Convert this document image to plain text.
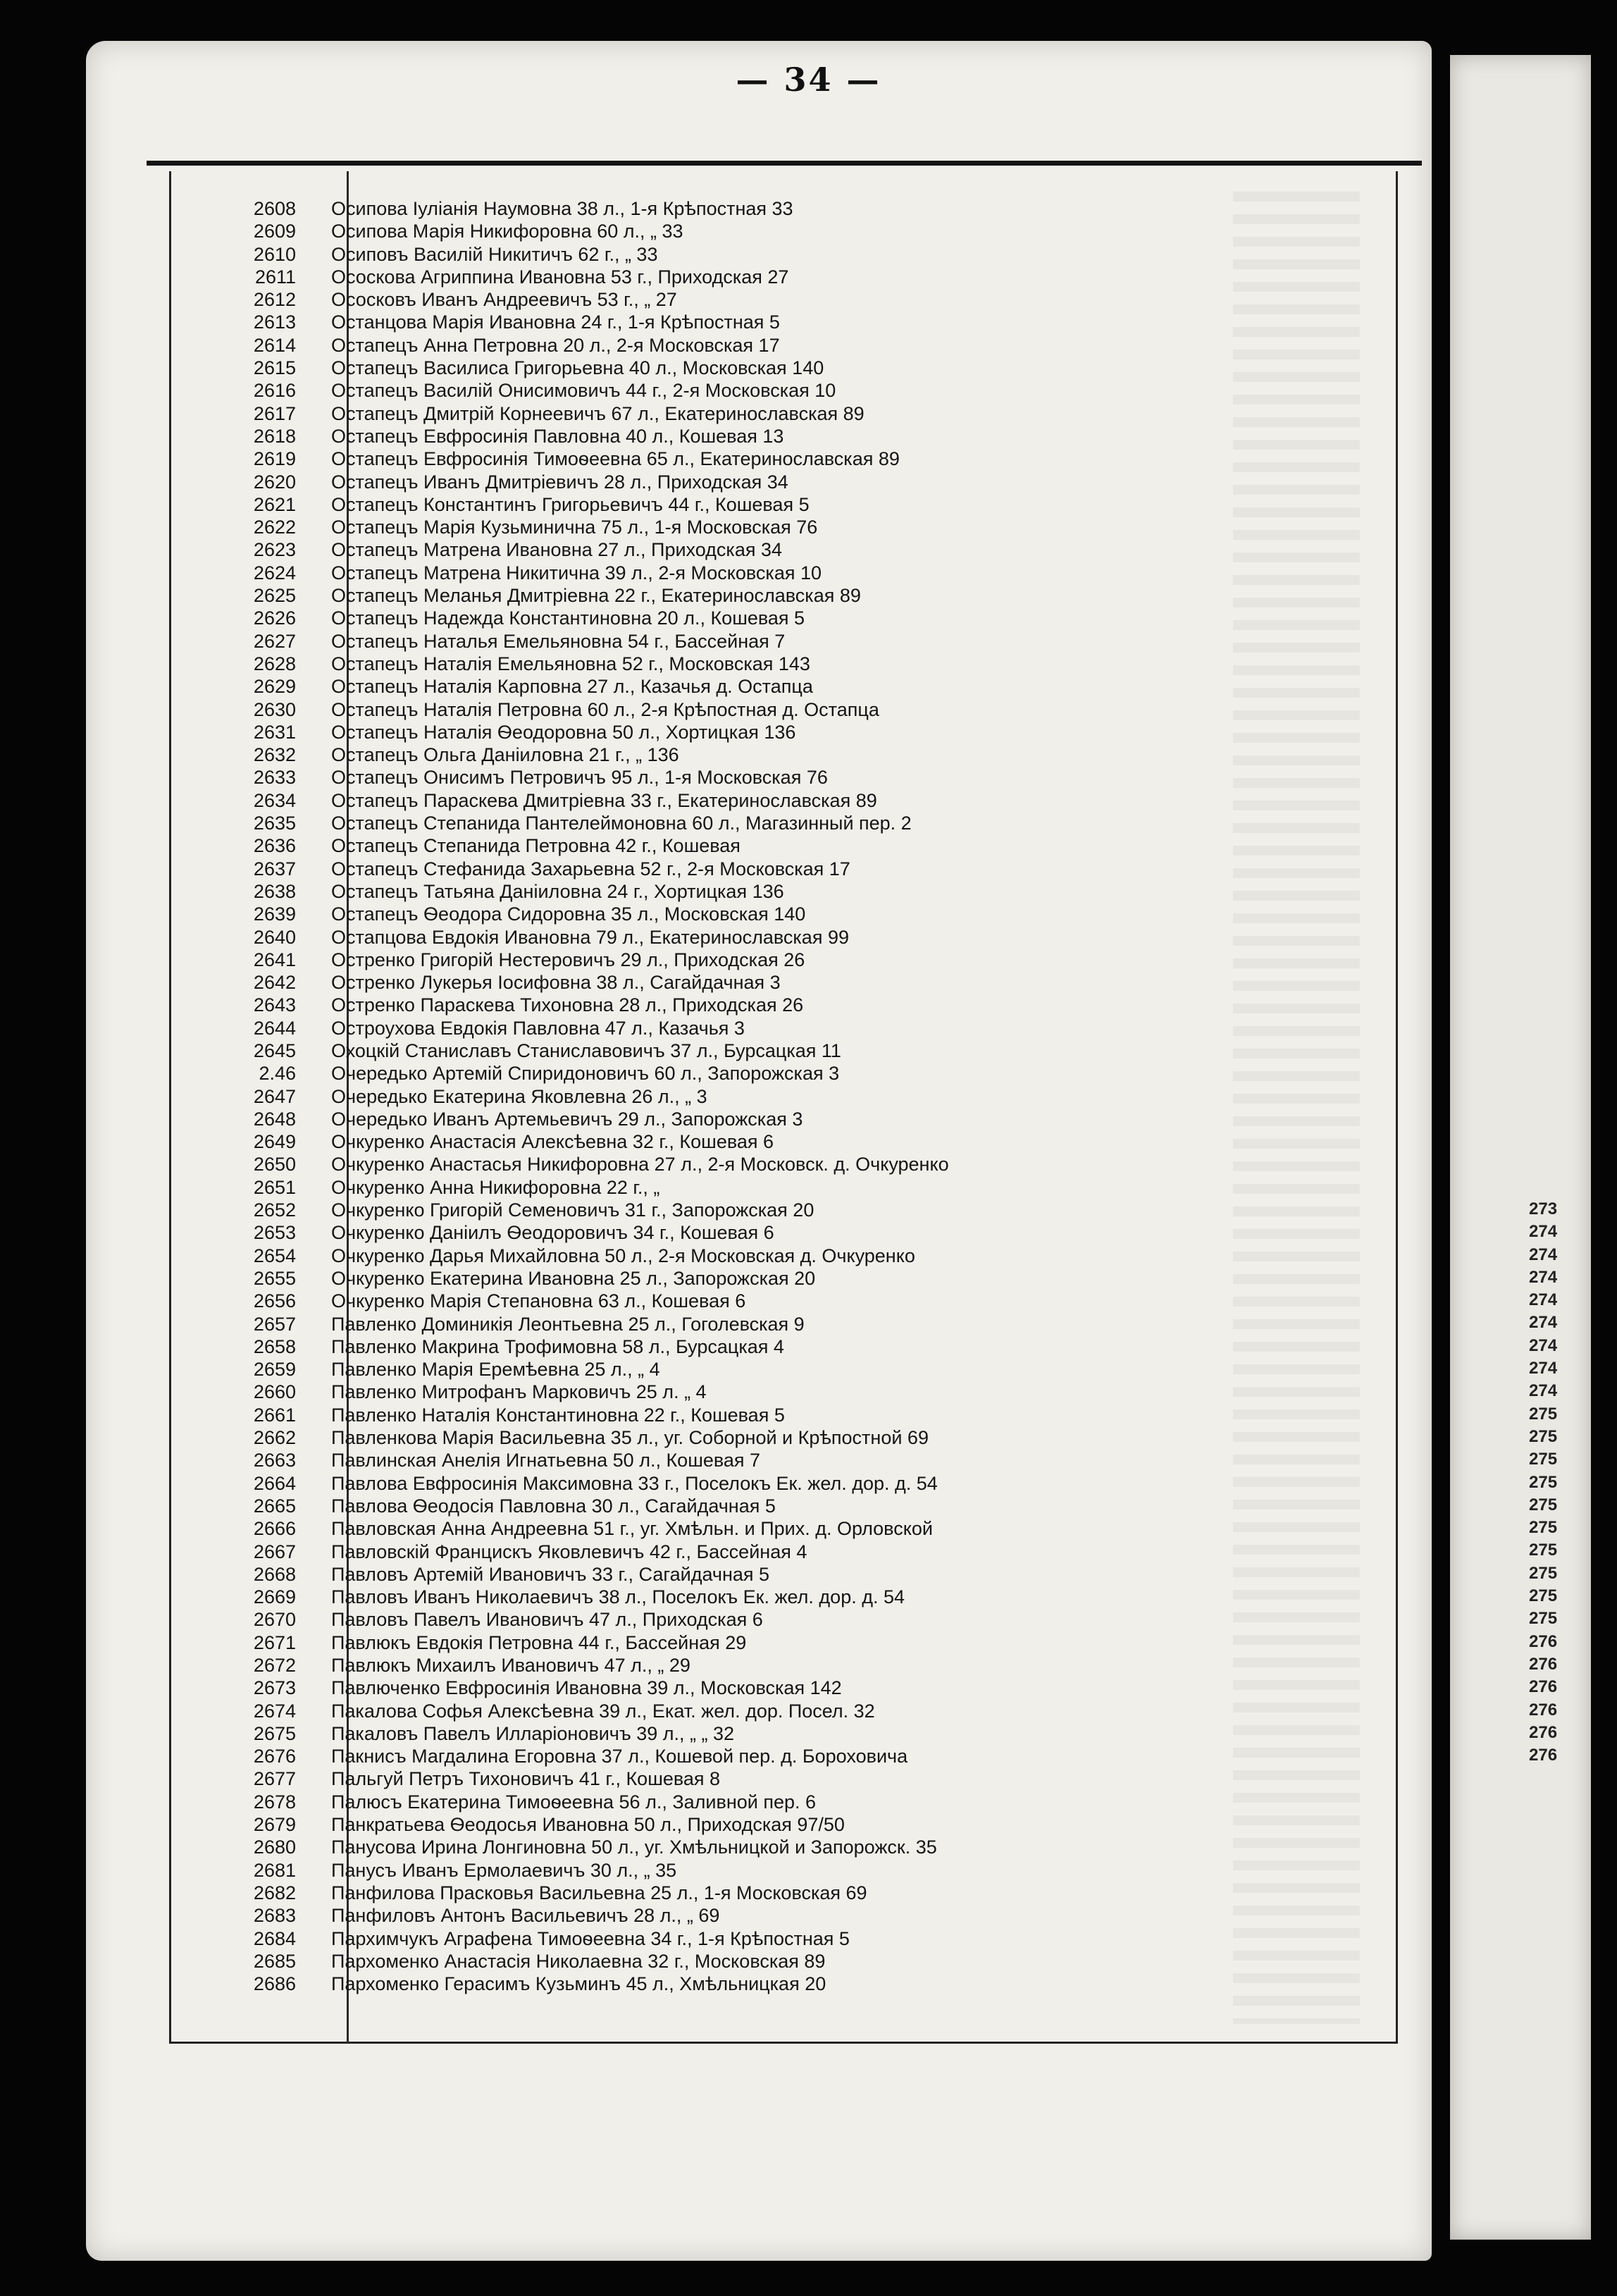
273
274
274
274
274
274
274
274
274
275
275
275
275
275
275
275
275
275
275
276
276
276
276
276
276
— 34 —
2608 Осипова Іуліанія Наумовна 38 л., 1-я Крѣпостная 33
2609 Осипова Марія Никифоровна 60 л., „ 33
2610 Осиповъ Василій Никитичъ 62 г., „ 33
2611 Ососкова Агриппина Ивановна 53 г., Приходская 27
2612 Ососковъ Иванъ Андреевичъ 53 г., „ 27
2613 Останцова Марія Ивановна 24 г., 1-я Крѣпостная 5
2614 Остапецъ Анна Петровна 20 л., 2-я Московская 17
2615 Остапецъ Василиса Григорьевна 40 л., Московская 140
2616 Остапецъ Василій Онисимовичъ 44 г., 2-я Московская 10
2617 Остапецъ Дмитрій Корнеевичъ 67 л., Екатеринославская 89
2618 Остапецъ Евфросинія Павловна 40 л., Кошевая 13
2619 Остапецъ Евфросинія Тимоѳеевна 65 л., Екатеринославская 89
2620 Остапецъ Иванъ Дмитріевичъ 28 л., Приходская 34
2621 Остапецъ Константинъ Григорьевичъ 44 г., Кошевая 5
2622 Остапецъ Марія Кузьминична 75 л., 1-я Московская 76
2623 Остапецъ Матрена Ивановна 27 л., Приходская 34
2624 Остапецъ Матрена Никитична 39 л., 2-я Московская 10
2625 Остапецъ Меланья Дмитріевна 22 г., Екатеринославская 89
2626 Остапецъ Надежда Константиновна 20 л., Кошевая 5
2627 Остапецъ Наталья Емельяновна 54 г., Бассейная 7
2628 Остапецъ Наталія Емельяновна 52 г., Московская 143
2629 Остапецъ Наталія Карповна 27 л., Казачья д. Остапца
2630 Остапецъ Наталія Петровна 60 л., 2-я Крѣпостная д. Остапца
2631 Остапецъ Наталія Ѳеодоровна 50 л., Хортицкая 136
2632 Остапецъ Ольга Даніиловна 21 г., „ 136
2633 Остапецъ Онисимъ Петровичъ 95 л., 1-я Московская 76
2634 Остапецъ Параскева Дмитріевна 33 г., Екатеринославская 89
2635 Остапецъ Степанида Пантелеймоновна 60 л., Магазинный пер. 2
2636 Остапецъ Степанида Петровна 42 г., Кошевая
2637 Остапецъ Стефанида Захарьевна 52 г., 2-я Московская 17
2638 Остапецъ Татьяна Даніиловна 24 г., Хортицкая 136
2639 Остапецъ Ѳеодора Сидоровна 35 л., Московская 140
2640 Остапцова Евдокія Ивановна 79 л., Екатеринославская 99
2641 Остренко Григорій Нестеровичъ 29 л., Приходская 26
2642 Остренко Лукерья Іосифовна 38 л., Сагайдачная 3
2643 Остренко Параскева Тихоновна 28 л., Приходская 26
2644 Остроухова Евдокія Павловна 47 л., Казачья 3
2645 Охоцкій Станиславъ Станиславовичъ 37 л., Бурсацкая 11
2.46 Очередько Артемій Спиридоновичъ 60 л., Запорожская 3
2647 Очередько Екатерина Яковлевна 26 л., „ 3
2648 Очередько Иванъ Артемьевичъ 29 л., Запорожская 3
2649 Очкуренко Анастасія Алексѣевна 32 г., Кошевая 6
2650 Очкуренко Анастасья Никифоровна 27 л., 2-я Московск. д. Очкуренко
2651 Очкуренко Анна Никифоровна 22 г., „
2652 Очкуренко Григорій Семеновичъ 31 г., Запорожская 20
2653 Очкуренко Даніилъ Ѳеодоровичъ 34 г., Кошевая 6
2654 Очкуренко Дарья Михайловна 50 л., 2-я Московская д. Очкуренко
2655 Очкуренко Екатерина Ивановна 25 л., Запорожская 20
2656 Очкуренко Марія Степановна 63 л., Кошевая 6
2657 Павленко Доминикія Леонтьевна 25 л., Гоголевская 9
2658 Павленко Макрина Трофимовна 58 л., Бурсацкая 4
2659 Павленко Марія Еремѣевна 25 л., „ 4
2660 Павленко Митрофанъ Марковичъ 25 л. „ 4
2661 Павленко Наталія Константиновна 22 г., Кошевая 5
2662 Павленкова Марія Васильевна 35 л., уг. Соборной и Крѣпостной 69
2663 Павлинская Анелія Игнатьевна 50 л., Кошевая 7
2664 Павлова Евфросинія Максимовна 33 г., Поселокъ Ек. жел. дор. д. 54
2665 Павлова Ѳеодосія Павловна 30 л., Сагайдачная 5
2666 Павловская Анна Андреевна 51 г., уг. Хмѣльн. и Прих. д. Орловской
2667 Павловскій Францискъ Яковлевичъ 42 г., Бассейная 4
2668 Павловъ Артемій Ивановичъ 33 г., Сагайдачная 5
2669 Павловъ Иванъ Николаевичъ 38 л., Поселокъ Ек. жел. дор. д. 54
2670 Павловъ Павелъ Ивановичъ 47 л., Приходская 6
2671 Павлюкъ Евдокія Петровна 44 г., Бассейная 29
2672 Павлюкъ Михаилъ Ивановичъ 47 л., „ 29
2673 Павлюченко Евфросинія Ивановна 39 л., Московская 142
2674 Пакалова Софья Алексѣевна 39 л., Екат. жел. дор. Посел. 32
2675 Пакаловъ Павелъ Илларіоновичъ 39 л., „ „ 32
2676 Пакнисъ Магдалина Егоровна 37 л., Кошевой пер. д. Бороховича
2677 Пальгуй Петръ Тихоновичъ 41 г., Кошевая 8
2678 Палюсъ Екатерина Тимоѳеевна 56 л., Заливной пер. 6
2679 Панкратьева Ѳеодосья Ивановна 50 л., Приходская 97/50
2680 Панусова Ирина Лонгиновна 50 л., уг. Хмѣльницкой и Запорожск. 35
2681 Панусъ Иванъ Ермолаевичъ 30 л., „ 35
2682 Панфилова Прасковья Васильевна 25 л., 1-я Московская 69
2683 Панфиловъ Антонъ Васильевичъ 28 л., „ 69
2684 Пархимчукъ Аграфена Тимоѳеевна 34 г., 1-я Крѣпостная 5
2685 Пархоменко Анастасія Николаевна 32 г., Московская 89
2686 Пархоменко Герасимъ Кузьминъ 45 л., Хмѣльницкая 20
